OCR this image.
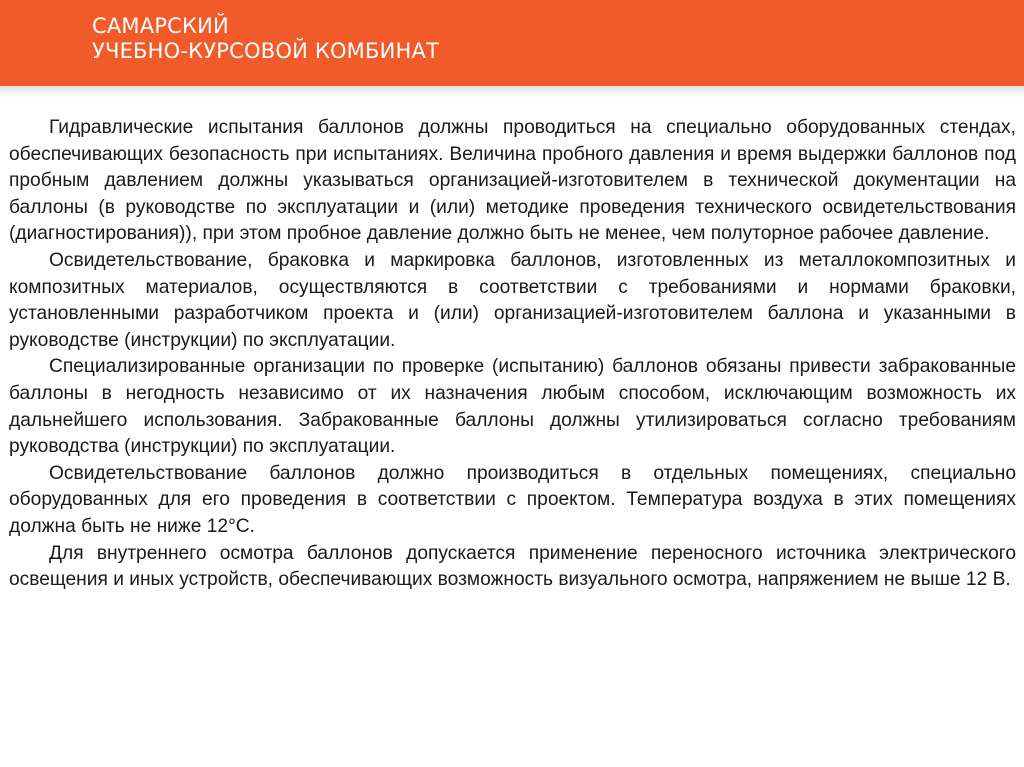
САМАРСКИЙ
УЧЕБНО-КУРСОВОЙ КОМБИНАТ

Гидравлические испытания баллонов должны проводиться на специально оборудованных стендах, обеспечивающих безопасность при испытаниях. Величина пробного давления и время выдержки баллонов под пробным давлением должны указываться организацией-изготовителем в технической документации на баллоны (в руководстве по эксплуатации и (или) методике проведения технического освидетельствования (диагностирования)), при этом пробное давление должно быть не менее, чем полуторное рабочее давление.

Освидетельствование, браковка и маркировка баллонов, изготовленных из металлокомпозитных и композитных материалов, осуществляются в соответствии с требованиями и нормами браковки, установленными разработчиком проекта и (или) организацией-изготовителем баллона и указанными в руководстве (инструкции) по эксплуатации.

Специализированные организации по проверке (испытанию) баллонов обязаны привести забракованные баллоны в негодность независимо от их назначения любым способом, исключающим возможность их дальнейшего использования. Забракованные баллоны должны утилизироваться согласно требованиям руководства (инструкции) по эксплуатации.

Освидетельствование баллонов должно производиться в отдельных помещениях, специально оборудованных для его проведения в соответствии с проектом. Температура воздуха в этих помещениях должна быть не ниже 12°С.

Для внутреннего осмотра баллонов допускается применение переносного источника электрического освещения и иных устройств, обеспечивающих возможность визуального осмотра, напряжением не выше 12 В.
